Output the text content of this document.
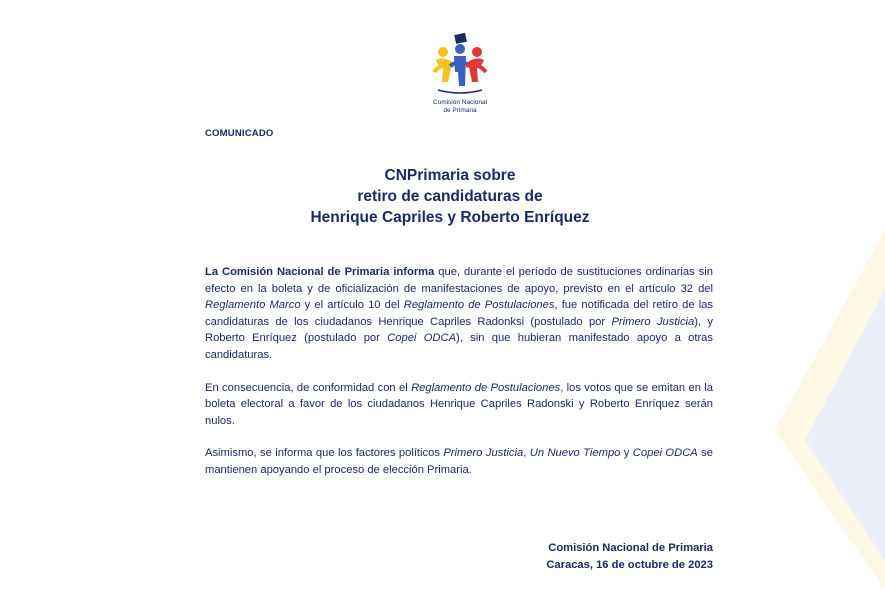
Comisión Nacional
de Primaria
COMUNICADO
CNPrimaria sobre
retiro de candidaturas de
Henrique Capriles y Roberto Enríquez

La Comisión Nacional de Primaria informa que, durante el período de sustituciones ordinarias sin efecto en la boleta y de oficialización de manifestaciones de apoyo, previsto en el artículo 32 del Reglamento Marco y el artículo 10 del Reglamento de Postulaciones, fue notificada del retiro de las candidaturas de los ciudadanos Henrique Capriles Radonksi (postulado por Primero Justicia), y Roberto Enríquez (postulado por Copei ODCA), sin que hubieran manifestado apoyo a otras candidaturas.

En consecuencia, de conformidad con el Reglamento de Postulaciones, los votos que se emitan en la boleta electoral a favor de los ciudadanos Henrique Capriles Radonski y Roberto Enríquez serán nulos.

Asimismo, se informa que los factores políticos Primero Justicia, Un Nuevo Tiempo y Copei ODCA se mantienen apoyando el proceso de elección Primaria.

Comisión Nacional de Primaria
Caracas, 16 de octubre de 2023
